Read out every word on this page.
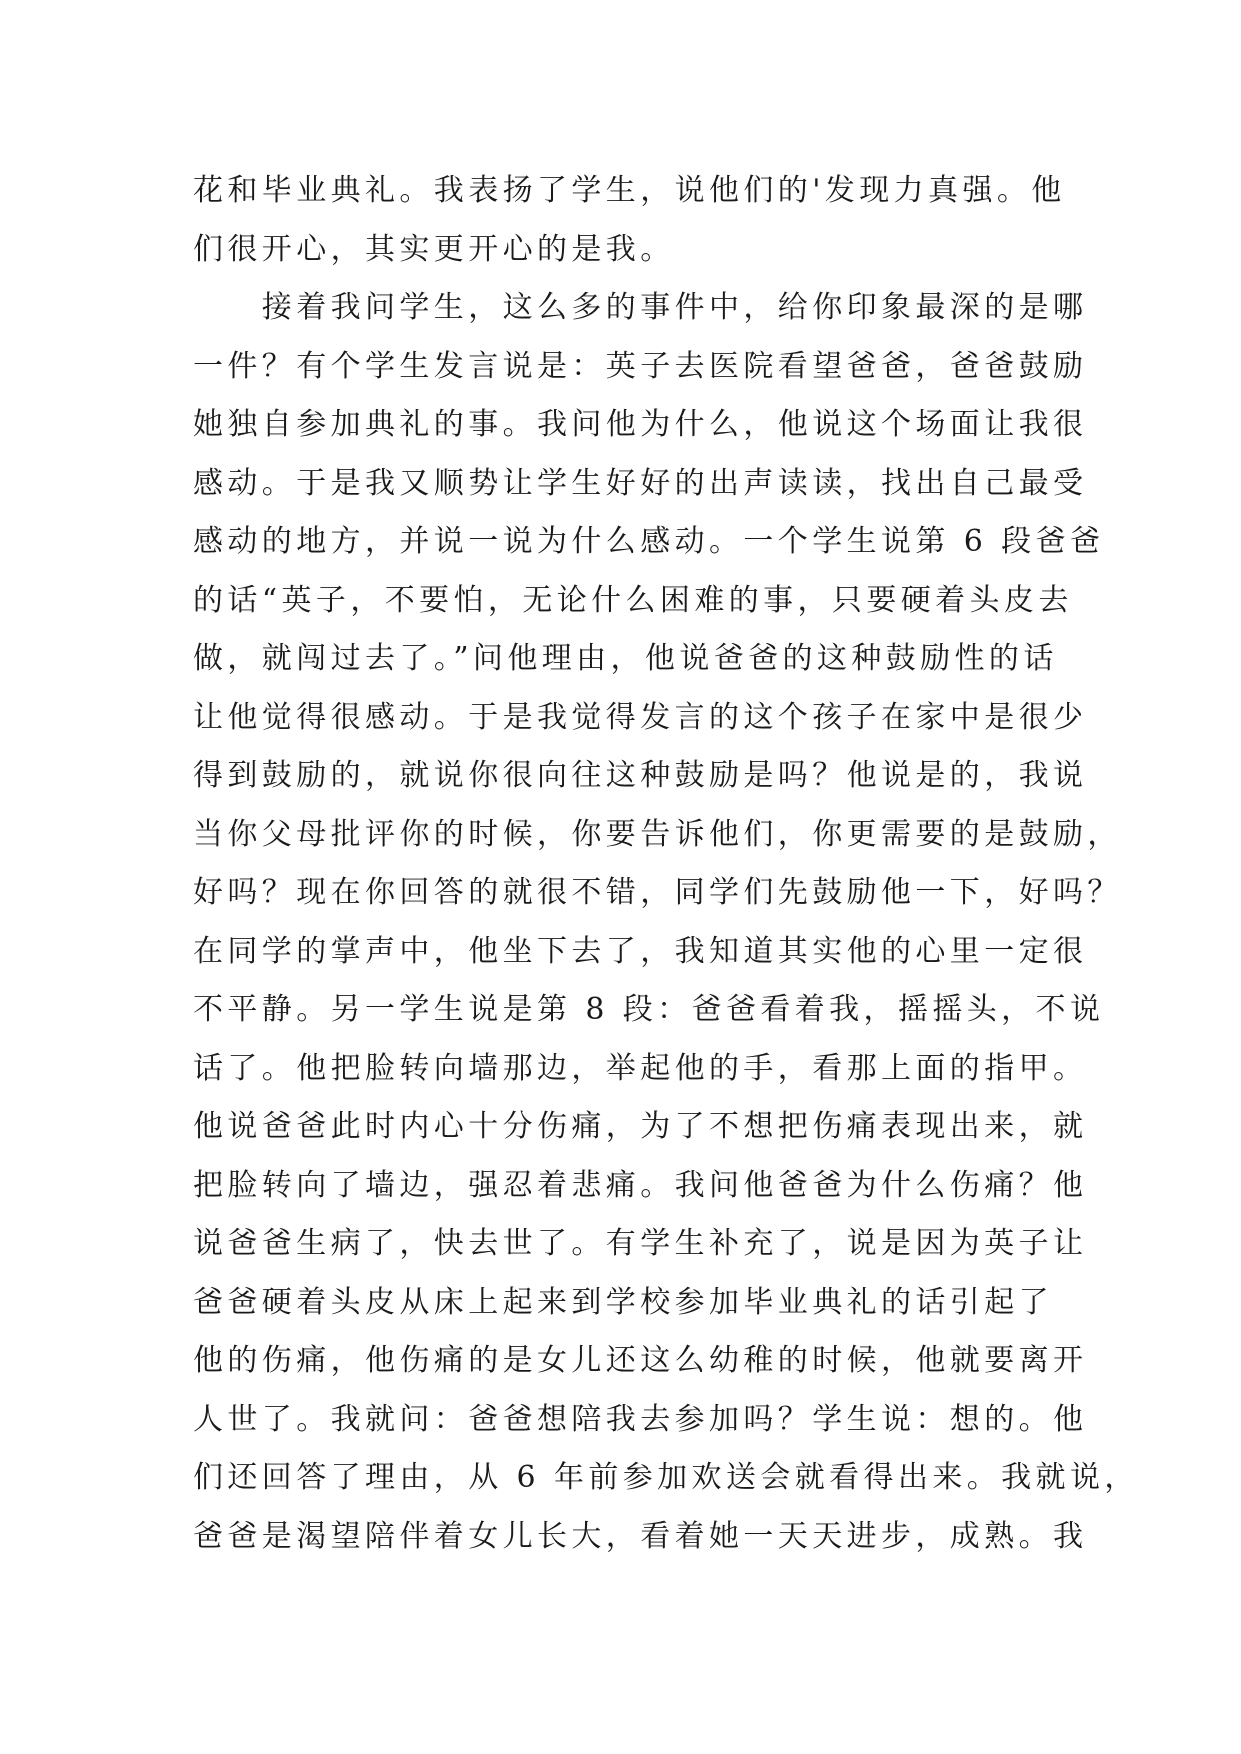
花和毕业典礼。我表扬了学生，说他们的'发现力真强。他
们很开心，其实更开心的是我。
　　接着我问学生，这么多的事件中，给你印象最深的是哪
一件？有个学生发言说是：英子去医院看望爸爸，爸爸鼓励
她独自参加典礼的事。我问他为什么，他说这个场面让我很
感动。于是我又顺势让学生好好的出声读读，找出自己最受
感动的地方，并说一说为什么感动。一个学生说第 6 段爸爸
的话“英子，不要怕，无论什么困难的事，只要硬着头皮去
做，就闯过去了。”问他理由，他说爸爸的这种鼓励性的话
让他觉得很感动。于是我觉得发言的这个孩子在家中是很少
得到鼓励的，就说你很向往这种鼓励是吗？他说是的，我说
当你父母批评你的时候，你要告诉他们，你更需要的是鼓励，
好吗？现在你回答的就很不错，同学们先鼓励他一下，好吗？
在同学的掌声中，他坐下去了，我知道其实他的心里一定很
不平静。另一学生说是第 8 段：爸爸看着我，摇摇头，不说
话了。他把脸转向墙那边，举起他的手，看那上面的指甲。
他说爸爸此时内心十分伤痛，为了不想把伤痛表现出来，就
把脸转向了墙边，强忍着悲痛。我问他爸爸为什么伤痛？他
说爸爸生病了，快去世了。有学生补充了，说是因为英子让
爸爸硬着头皮从床上起来到学校参加毕业典礼的话引起了
他的伤痛，他伤痛的是女儿还这么幼稚的时候，他就要离开
人世了。我就问：爸爸想陪我去参加吗？学生说：想的。他
们还回答了理由，从 6 年前参加欢送会就看得出来。我就说，
爸爸是渴望陪伴着女儿长大，看着她一天天进步，成熟。我
